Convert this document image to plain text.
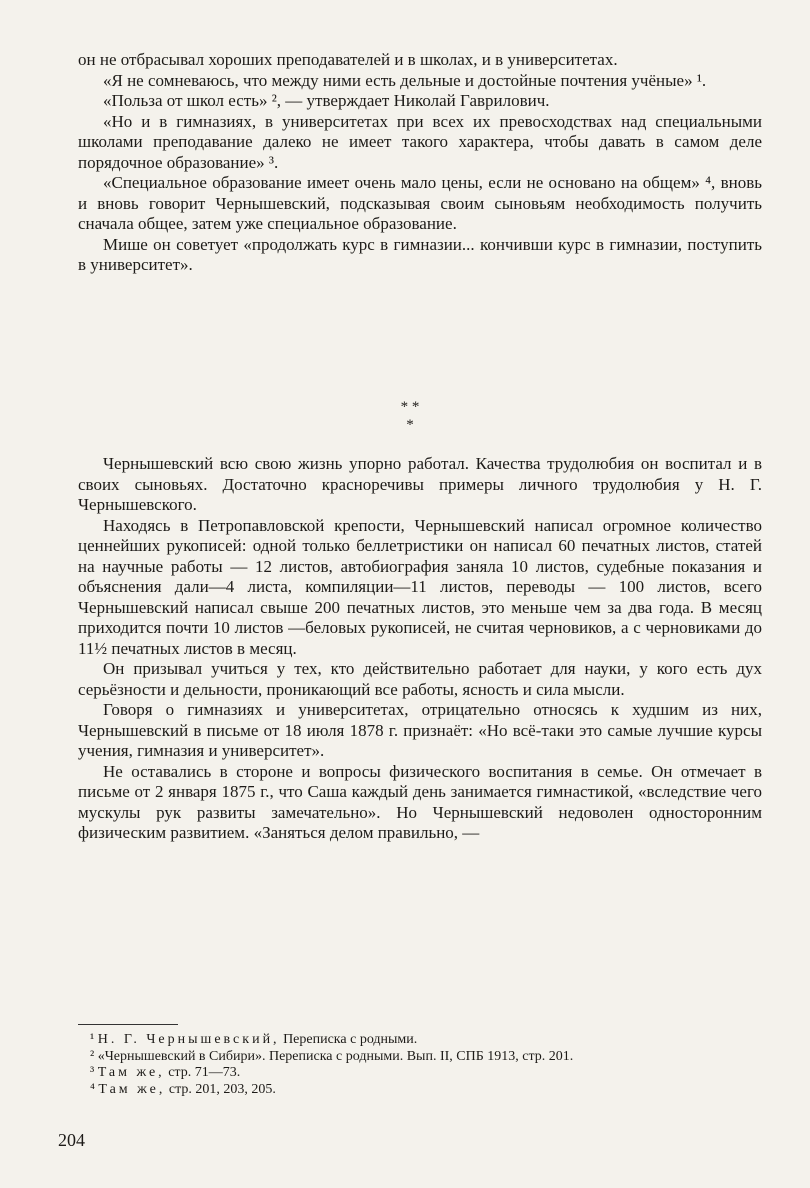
он не отбрасывал хороших преподавателей и в школах, и в университетах.

«Я не сомневаюсь, что между ними есть дельные и достойные почтения учёные» ¹.

«Польза от школ есть» ², — утверждает Николай Гаврилович.

«Но и в гимназиях, в университетах при всех их превосходствах над специальными школами преподавание далеко не имеет такого характера, чтобы давать в самом деле порядочное образование» ³.

«Специальное образование имеет очень мало цены, если не основано на общем» ⁴, вновь и вновь говорит Чернышевский, подсказывая своим сыновьям необходимость получить сначала общее, затем уже специальное образование.

Мише он советует «продолжать курс в гимназии... кончивши курс в гимназии, поступить в университет».

* *
*

Чернышевский всю свою жизнь упорно работал. Качества трудолюбия он воспитал и в своих сыновьях. Достаточно красноречивы примеры личного трудолюбия у Н. Г. Чернышевского.

Находясь в Петропавловской крепости, Чернышевский написал огромное количество ценнейших рукописей: одной только беллетристики он написал 60 печатных листов, статей на научные работы — 12 листов, автобиография заняла 10 листов, судебные показания и объяснения дали—4 листа, компиляции—11 листов, переводы — 100 листов, всего Чернышевский написал свыше 200 печатных листов, это меньше чем за два года. В месяц приходится почти 10 листов —беловых рукописей, не считая черновиков, а с черновиками до 11½ печатных листов в месяц.

Он призывал учиться у тех, кто действительно работает для науки, у кого есть дух серьёзности и дельности, проникающий все работы, ясность и сила мысли.

Говоря о гимназиях и университетах, отрицательно относясь к худшим из них, Чернышевский в письме от 18 июля 1878 г. признаёт: «Но всё-таки это самые лучшие курсы учения, гимназия и университет».

Не оставались в стороне и вопросы физического воспитания в семье. Он отмечает в письме от 2 января 1875 г., что Саша каждый день занимается гимнастикой, «вследствие чего мускулы рук развиты замечательно». Но Чернышевский недоволен односторонним физическим развитием. «Заняться делом правильно, —

¹ Н. Г. Чернышевский, Переписка с родными.

² «Чернышевский в Сибири». Переписка с родными. Вып. II, СПБ 1913, стр. 201.

³ Там же, стр. 71—73.

⁴ Там же, стр. 201, 203, 205.

204
